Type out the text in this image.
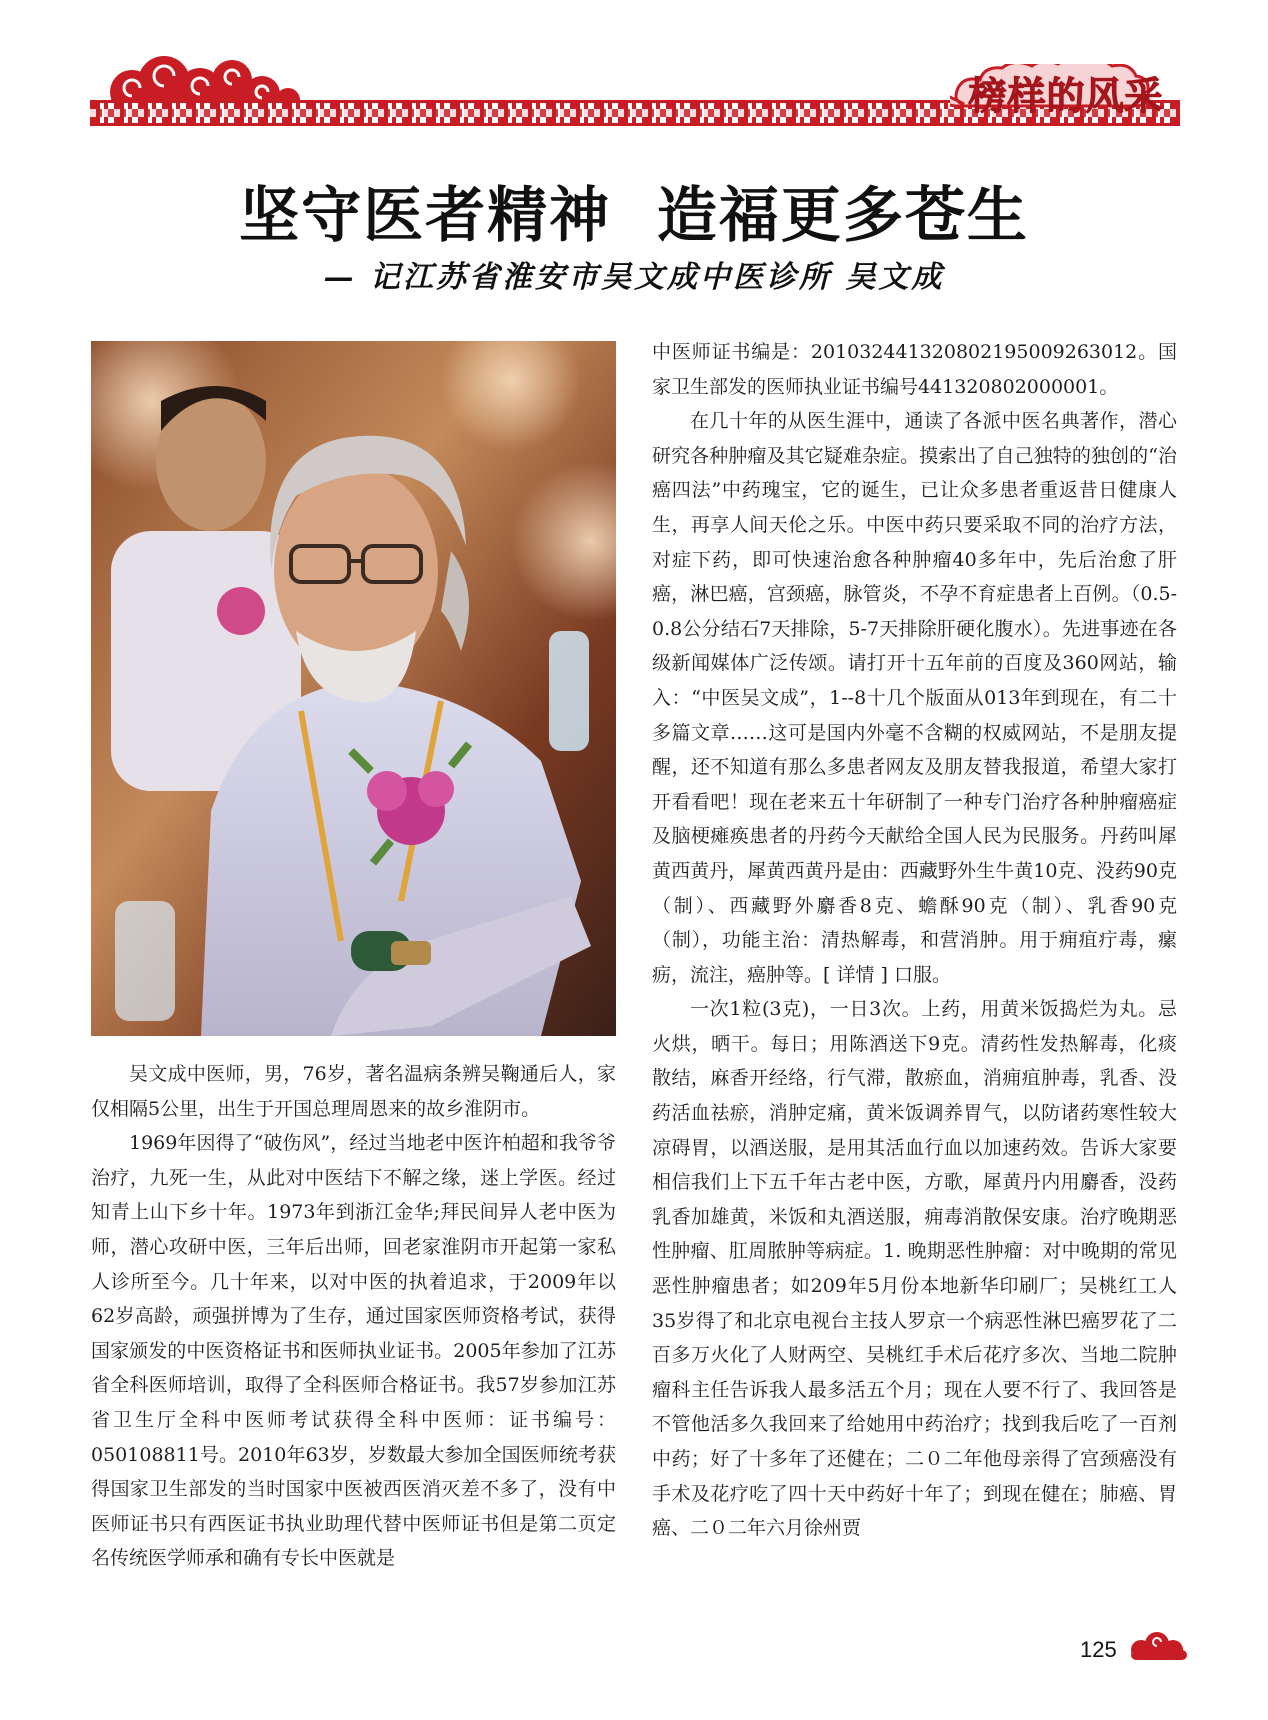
榜样的风采
坚守医者精神  造福更多苍生
— 记江苏省淮安市吴文成中医诊所 吴文成

吴文成中医师，男，76岁，著名温病条辨吴鞠通后人，家仅相隔5公里，出生于开国总理周恩来的故乡淮阴市。

1969年因得了“破伤风”，经过当地老中医许柏超和我爷爷治疗，九死一生，从此对中医结下不解之缘，迷上学医。经过知青上山下乡十年。1973年到浙江金华;拜民间异人老中医为师，潜心攻研中医，三年后出师，回老家淮阴市开起第一家私人诊所至今。几十年来，以对中医的执着追求，于2009年以62岁高龄，顽强拼博为了生存，通过国家医师资格考试，获得国家颁发的中医资格证书和医师执业证书。2005年参加了江苏省全科医师培训，取得了全科医师合格证书。我57岁参加江苏省卫生厅全科中医师考试获得全科中医师：证书编号：050108811号。2010年63岁，岁数最大参加全国医师统考获得国家卫生部发的当时国家中医被西医消灭差不多了，没有中医师证书只有西医证书执业助理代替中医师证书但是第二页定名传统医学师承和确有专长中医就是

中医师证书编是：201032441320802195009263012。国家卫生部发的医师执业证书编号441320802000001。

在几十年的从医生涯中，通读了各派中医名典著作，潜心研究各种肿瘤及其它疑难杂症。摸索出了自己独特的独创的“治癌四法”中药瑰宝，它的诞生，已让众多患者重返昔日健康人生，再享人间天伦之乐。中医中药只要采取不同的治疗方法，对症下药，即可快速治愈各种肿瘤40多年中，先后治愈了肝癌，淋巴癌，宫颈癌，脉管炎，不孕不育症患者上百例。（0.5-0.8公分结石7天排除，5-7天排除肝硬化腹水）。先进事迹在各级新闻媒体广泛传颂。请打开十五年前的百度及360网站，输入：“中医吴文成”，1--8十几个版面从013年到现在，有二十多篇文章……这可是国内外毫不含糊的权威网站，不是朋友提醒，还不知道有那么多患者网友及朋友替我报道，希望大家打开看看吧！现在老来五十年研制了一种专门治疗各种肿瘤癌症及脑梗瘫痪患者的丹药今天献给全国人民为民服务。丹药叫犀黄西黄丹，犀黄西黄丹是由：西藏野外生牛黄10克、没药90克（制）、西藏野外麝香8克、蟾酥90克（制）、乳香90克（制），功能主治：清热解毒，和营消肿。用于痈疽疔毒，瘰疬，流注，癌肿等。[ 详情 ] 口服。

一次1粒(3克)，一日3次。上药，用黄米饭捣烂为丸。忌火烘，晒干。每日；用陈酒送下9克。清药性发热解毒，化痰散结，麻香开经络，行气滞，散瘀血，消痈疽肿毒，乳香、没药活血祛瘀，消肿定痛，黄米饭调养胃气，以防诸药寒性较大凉碍胃，以酒送服，是用其活血行血以加速药效。告诉大家要相信我们上下五千年古老中医，方歌，犀黄丹内用麝香，没药乳香加雄黄，米饭和丸酒送服，痈毒消散保安康。治疗晚期恶性肿瘤、肛周脓肿等病症。1. 晚期恶性肿瘤：对中晚期的常见恶性肿瘤患者；如209年5月份本地新华印刷厂；吴桃红工人35岁得了和北京电视台主技人罗京一个病恶性淋巴癌罗花了二百多万火化了人财两空、吴桃红手术后花疗多次、当地二院肿瘤科主任告诉我人最多活五个月；现在人要不行了、我回答是不管他活多久我回来了给她用中药治疗；找到我后吃了一百剂中药；好了十多年了还健在；二０二年他母亲得了宫颈癌没有手术及花疗吃了四十天中药好十年了；到现在健在；肺癌、胃癌、二０二年六月徐州贾

125
